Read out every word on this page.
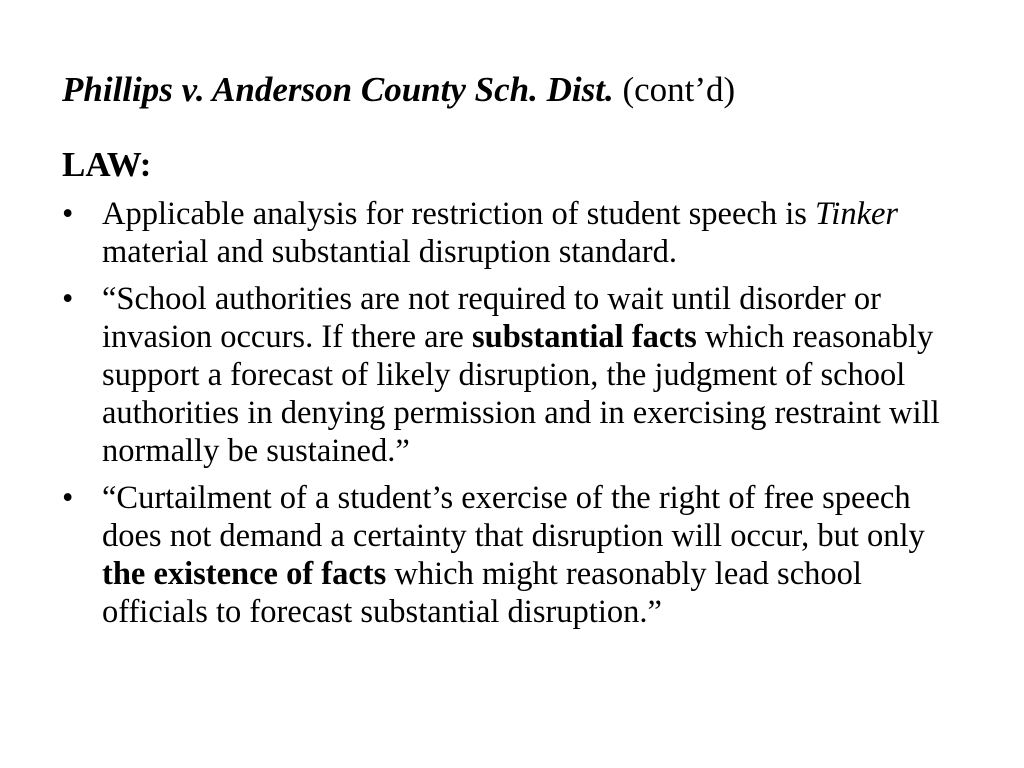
Phillips v. Anderson County Sch. Dist. (cont’d)
LAW:
• Applicable analysis for restriction of student speech is Tinker material and substantial disruption standard.
• “School authorities are not required to wait until disorder or invasion occurs. If there are substantial facts which reasonably support a forecast of likely disruption, the judgment of school authorities in denying permission and in exercising restraint will normally be sustained.”
• “Curtailment of a student’s exercise of the right of free speech does not demand a certainty that disruption will occur, but only the existence of facts which might reasonably lead school officials to forecast substantial disruption.”
